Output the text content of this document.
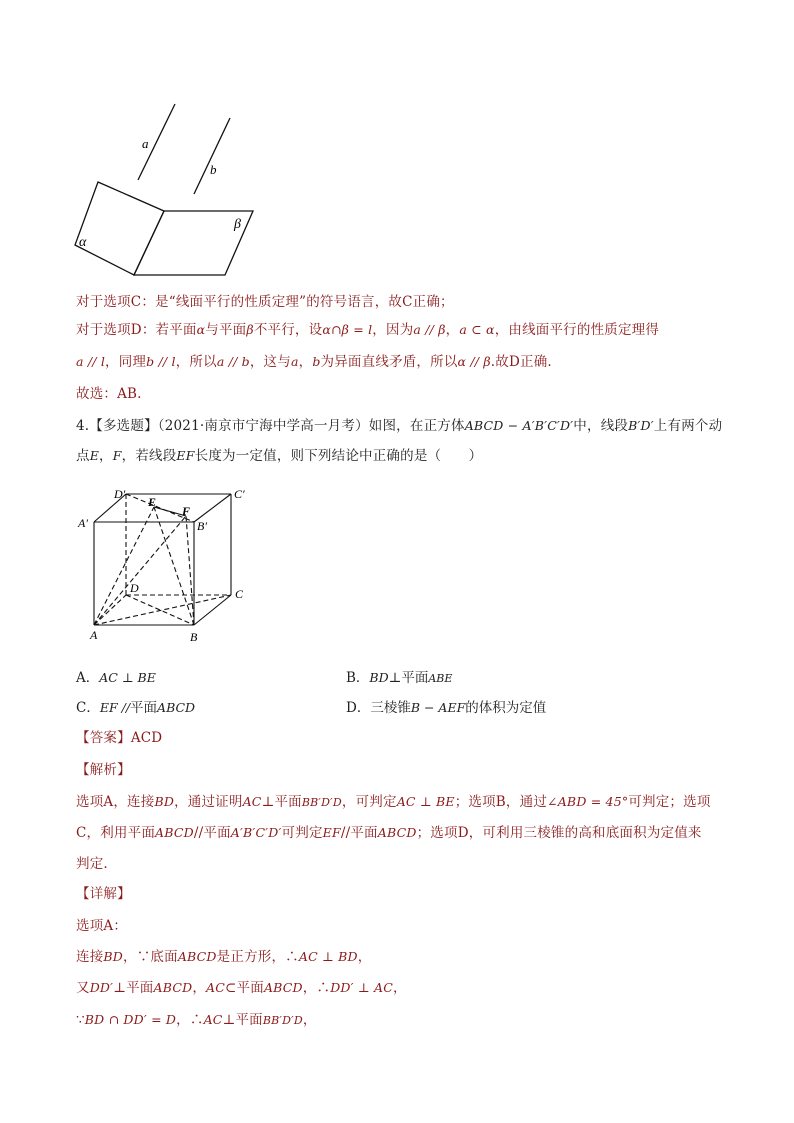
a
b
α
β
对于选项C：是“线面平行的性质定理”的符号语言，故C正确；
对于选项D：若平面α与平面β不平行，设α∩β = l，因为a // β，a ⊂ α，由线面平行的性质定理得
a // l，同理b // l，所以a // b，这与a，b为异面直线矛盾，所以α // β.故D正确.
故选：AB.
4.【多选题】（2021·南京市宁海中学高一月考）如图，在正方体ABCD − A′B′C′D′中，线段B′D′上有两个动
点E，F，若线段EF长度为一定值，则下列结论中正确的是（　　）
D′	C′
A′	B′
E
F
D	C
A	B
A．AC ⊥ BE	B．BD⊥平面ABE
C．EF //平面ABCD	D．三棱锥B − AEF的体积为定值
【答案】ACD
【解析】
选项A，连接BD，通过证明AC⊥平面BB′D′D，可判定AC ⊥ BE；选项B，通过∠ABD = 45°可判定；选项
C，利用平面ABCD//平面A′B′C′D′可判定EF//平面ABCD；选项D，可利用三棱锥的高和底面积为定值来
判定.
【详解】
选项A：
连接BD，∵底面ABCD是正方形，∴AC ⊥ BD，
又DD′⊥平面ABCD，AC⊂平面ABCD，∴DD′ ⊥ AC，
∵BD ∩ DD′ = D，∴AC⊥平面BB′D′D，
